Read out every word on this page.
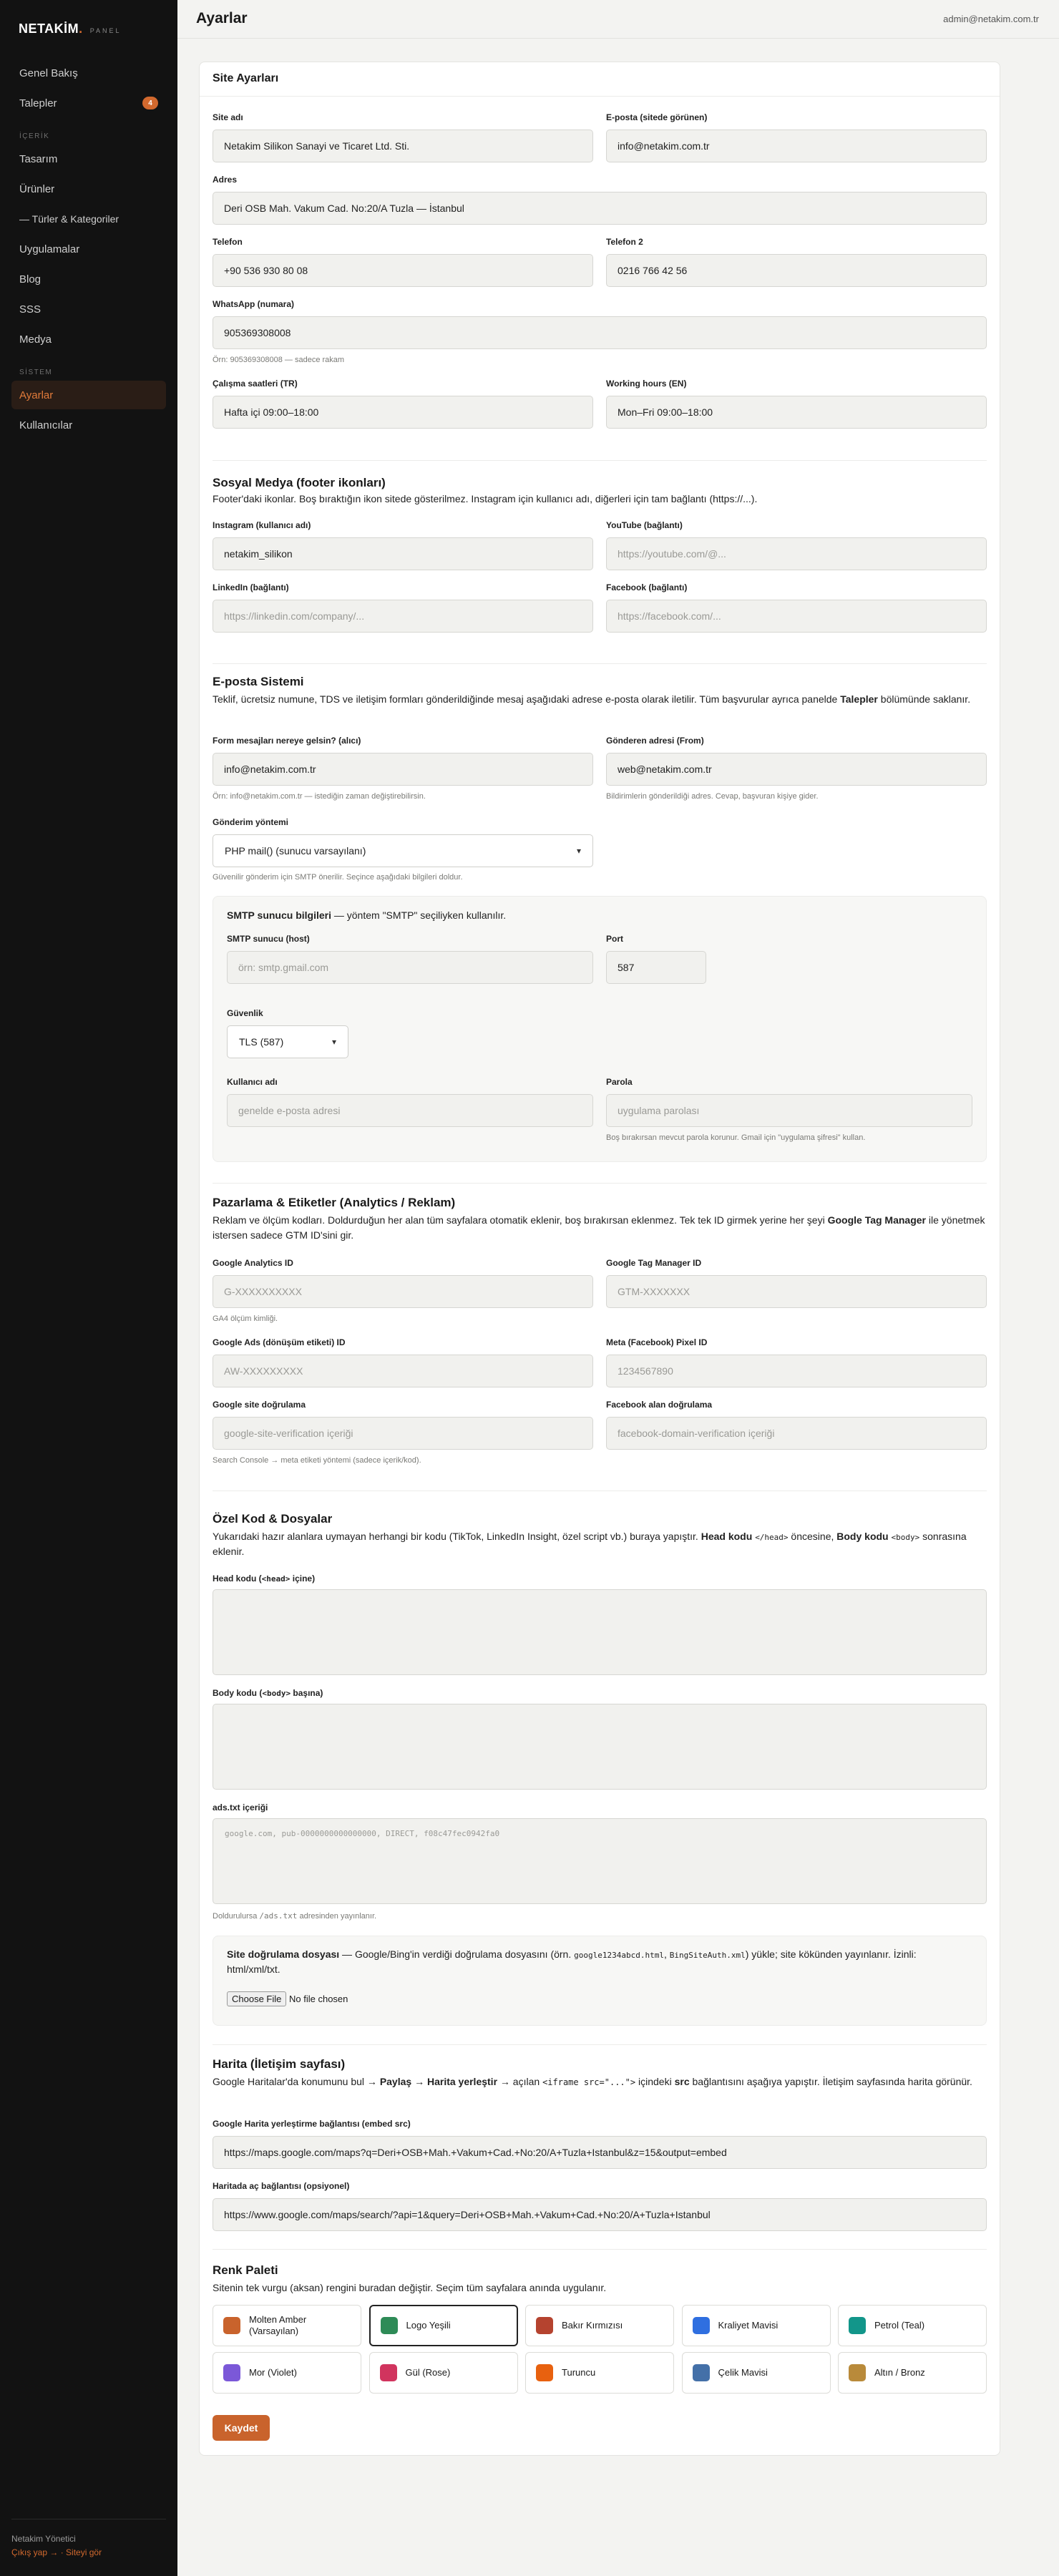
NETAKİM. PANEL
Genel Bakış
Talepler	4
İÇERİK
Tasarım
Ürünler
— Türler & Kategoriler
Uygulamalar
Blog
SSS
Medya
SİSTEM
Ayarlar
Kullanıcılar
Netakim Yönetici
Çıkış yap → · Siteyi gör
Ayarlar	admin@netakim.com.tr
Site Ayarları
Site adı
Netakim Silikon Sanayi ve Ticaret Ltd. Sti.
E-posta (sitede görünen)
info@netakim.com.tr
Adres
Deri OSB Mah. Vakum Cad. No:20/A Tuzla — İstanbul
Telefon
+90 536 930 80 08
Telefon 2
0216 766 42 56
WhatsApp (numara)
905369308008
Örn: 905369308008 — sadece rakam
Çalışma saatleri (TR)
Hafta içi 09:00–18:00
Working hours (EN)
Mon–Fri 09:00–18:00
Sosyal Medya (footer ikonları)
Footer'daki ikonlar. Boş bıraktığın ikon sitede gösterilmez. Instagram için kullanıcı adı, diğerleri için tam bağlantı (https://...).
Instagram (kullanıcı adı)
netakim_silikon
YouTube (bağlantı)
https://youtube.com/@...
LinkedIn (bağlantı)
https://linkedin.com/company/...
Facebook (bağlantı)
https://facebook.com/...
E-posta Sistemi
Teklif, ücretsiz numune, TDS ve iletişim formları gönderildiğinde mesaj aşağıdaki adrese e-posta olarak iletilir. Tüm başvurular ayrıca panelde Talepler bölümünde saklanır.
Form mesajları nereye gelsin? (alıcı)
info@netakim.com.tr
Örn: info@netakim.com.tr — istediğin zaman değiştirebilirsin.
Gönderen adresi (From)
web@netakim.com.tr
Bildirimlerin gönderildiği adres. Cevap, başvuran kişiye gider.
Gönderim yöntemi
PHP mail() (sunucu varsayılanı)	▾
Güvenilir gönderim için SMTP önerilir. Seçince aşağıdaki bilgileri doldur.
SMTP sunucu bilgileri — yöntem "SMTP" seçiliyken kullanılır.
SMTP sunucu (host)
örn: smtp.gmail.com
Port
587
Güvenlik
TLS (587)	▾
Kullanıcı adı
genelde e-posta adresi
Parola
uygulama parolası
Boş bırakırsan mevcut parola korunur. Gmail için "uygulama şifresi" kullan.
Pazarlama & Etiketler (Analytics / Reklam)
Reklam ve ölçüm kodları. Doldurduğun her alan tüm sayfalara otomatik eklenir, boş bırakırsan eklenmez. Tek tek ID girmek yerine her şeyi Google Tag Manager ile yönetmek istersen sadece GTM ID'sini gir.
Google Analytics ID
G-XXXXXXXXXX
GA4 ölçüm kimliği.
Google Tag Manager ID
GTM-XXXXXXX
Google Ads (dönüşüm etiketi) ID
AW-XXXXXXXXX
Meta (Facebook) Pixel ID
1234567890
Google site doğrulama
google-site-verification içeriği
Search Console → meta etiketi yöntemi (sadece içerik/kod).
Facebook alan doğrulama
facebook-domain-verification içeriği
Özel Kod & Dosyalar
Yukarıdaki hazır alanlara uymayan herhangi bir kodu (TikTok, LinkedIn Insight, özel script vb.) buraya yapıştır. Head kodu </head> öncesine, Body kodu <body> sonrasına eklenir.
Head kodu (<head> içine)
Body kodu (<body> başına)
ads.txt içeriği
google.com, pub-0000000000000000, DIRECT, f08c47fec0942fa0
Doldurulursa /ads.txt adresinden yayınlanır.
Site doğrulama dosyası — Google/Bing'in verdiği doğrulama dosyasını (örn. google1234abcd.html, BingSiteAuth.xml) yükle; site kökünden yayınlanır. İzinli: html/xml/txt.
Choose File No file chosen
Harita (İletişim sayfası)
Google Haritalar'da konumunu bul → Paylaş → Harita yerleştir → açılan <iframe src="..."> içindeki src bağlantısını aşağıya yapıştır. İletişim sayfasında harita görünür.
Google Harita yerleştirme bağlantısı (embed src)
https://maps.google.com/maps?q=Deri+OSB+Mah.+Vakum+Cad.+No:20/A+Tuzla+Istanbul&z=15&output=embed
Haritada aç bağlantısı (opsiyonel)
https://www.google.com/maps/search/?api=1&query=Deri+OSB+Mah.+Vakum+Cad.+No:20/A+Tuzla+Istanbul
Renk Paleti
Sitenin tek vurgu (aksan) rengini buradan değiştir. Seçim tüm sayfalara anında uygulanır.
Molten Amber (Varsayılan)
Logo Yeşili	Bakır Kırmızısı	Kraliyet Mavisi	Petrol (Teal)
Mor (Violet)	Gül (Rose)	Turuncu	Çelik Mavisi	Altın / Bronz
Kaydet
